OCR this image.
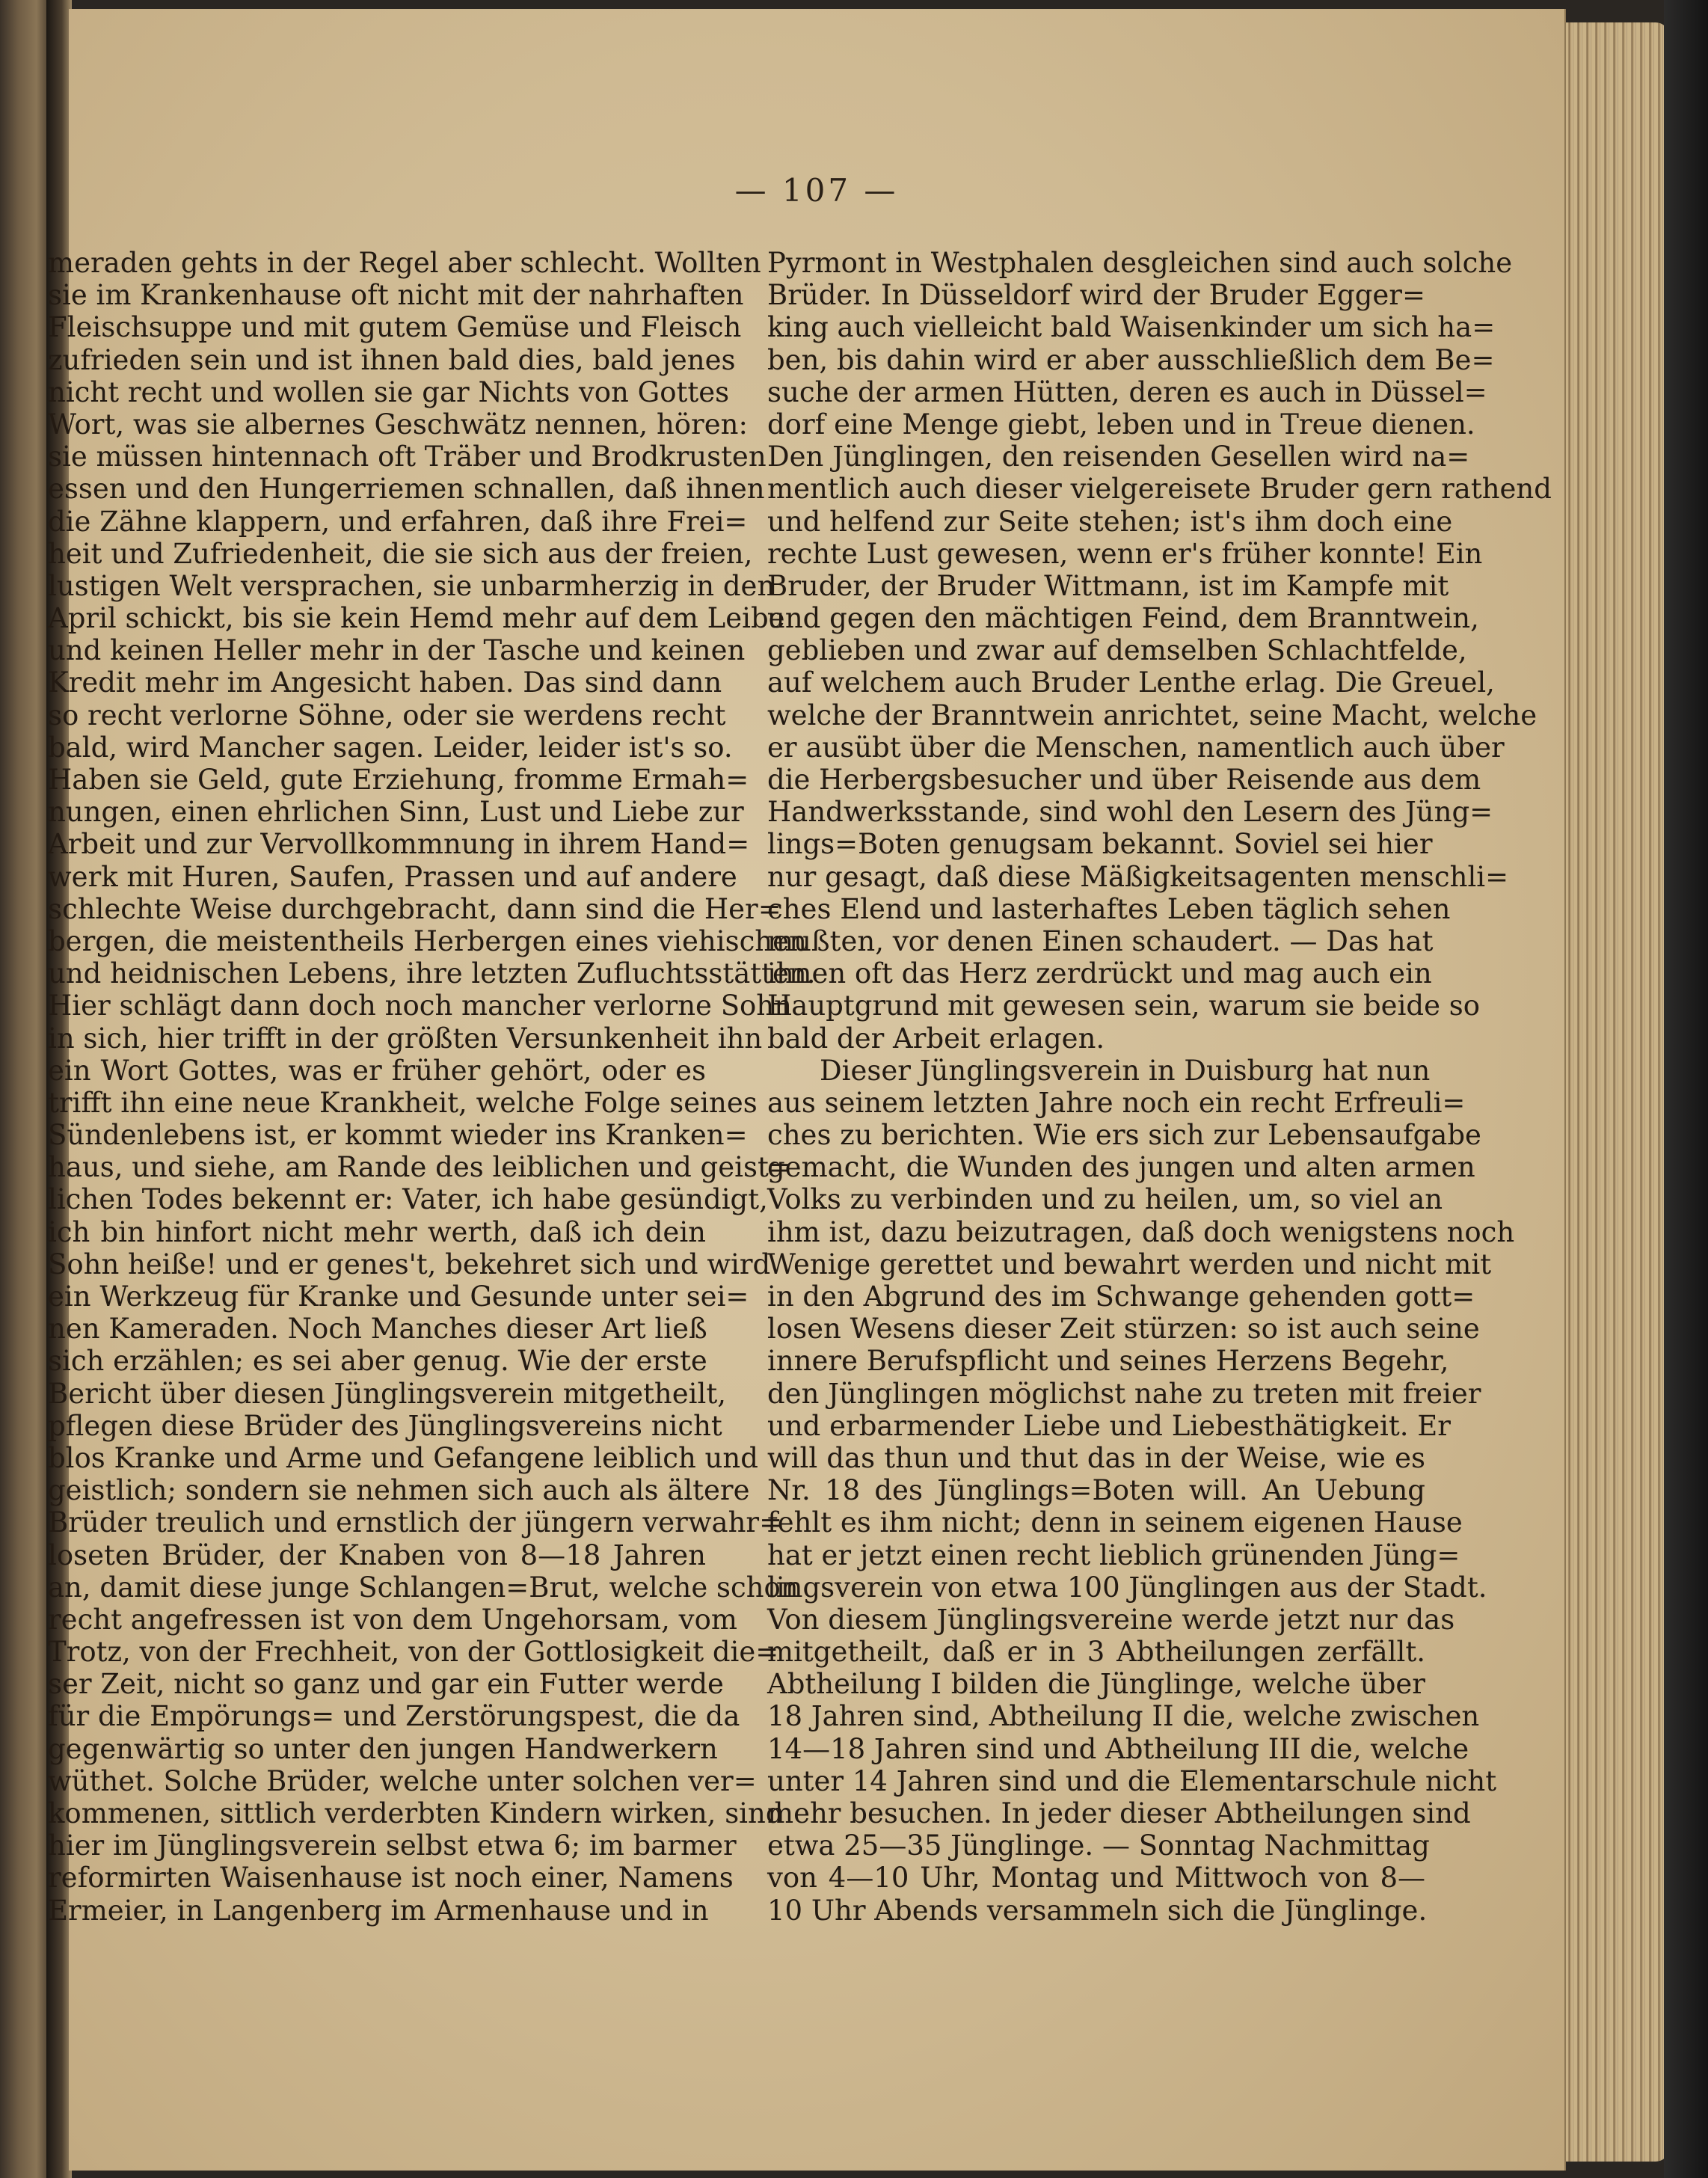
— 107 —
meraden gehts in der Regel aber schlecht. Wollten
sie im Krankenhause oft nicht mit der nahrhaften
Fleischsuppe und mit gutem Gemüse und Fleisch
zufrieden sein und ist ihnen bald dies, bald jenes
nicht recht und wollen sie gar Nichts von Gottes
Wort, was sie albernes Geschwätz nennen, hören:
sie müssen hintennach oft Träber und Brodkrusten
essen und den Hungerriemen schnallen, daß ihnen
die Zähne klappern, und erfahren, daß ihre Frei=
heit und Zufriedenheit, die sie sich aus der freien,
lustigen Welt versprachen, sie unbarmherzig in den
April schickt, bis sie kein Hemd mehr auf dem Leibe
und keinen Heller mehr in der Tasche und keinen
Kredit mehr im Angesicht haben. Das sind dann
so recht verlorne Söhne, oder sie werdens recht
bald, wird Mancher sagen. Leider, leider ist's so.
Haben sie Geld, gute Erziehung, fromme Ermah=
nungen, einen ehrlichen Sinn, Lust und Liebe zur
Arbeit und zur Vervollkommnung in ihrem Hand=
werk mit Huren, Saufen, Prassen und auf andere
schlechte Weise durchgebracht, dann sind die Her=
bergen, die meistentheils Herbergen eines viehischen
und heidnischen Lebens, ihre letzten Zufluchtsstätten.
Hier schlägt dann doch noch mancher verlorne Sohn
in sich, hier trifft in der größten Versunkenheit ihn
ein Wort Gottes, was er früher gehört, oder es
trifft ihn eine neue Krankheit, welche Folge seines
Sündenlebens ist, er kommt wieder ins Kranken=
haus, und siehe, am Rande des leiblichen und geist=
lichen Todes bekennt er: Vater, ich habe gesündigt,
ich bin hinfort nicht mehr werth, daß ich dein
Sohn heiße! und er genes't, bekehret sich und wird
ein Werkzeug für Kranke und Gesunde unter sei=
nen Kameraden. Noch Manches dieser Art ließ
sich erzählen; es sei aber genug. Wie der erste
Bericht über diesen Jünglingsverein mitgetheilt,
pflegen diese Brüder des Jünglingsvereins nicht
blos Kranke und Arme und Gefangene leiblich und
geistlich; sondern sie nehmen sich auch als ältere
Brüder treulich und ernstlich der jüngern verwahr=
loseten Brüder, der Knaben von 8—18 Jahren
an, damit diese junge Schlangen=Brut, welche schon
recht angefressen ist von dem Ungehorsam, vom
Trotz, von der Frechheit, von der Gottlosigkeit die=
ser Zeit, nicht so ganz und gar ein Futter werde
für die Empörungs= und Zerstörungspest, die da
gegenwärtig so unter den jungen Handwerkern
wüthet. Solche Brüder, welche unter solchen ver=
kommenen, sittlich verderbten Kindern wirken, sind
hier im Jünglingsverein selbst etwa 6; im barmer
reformirten Waisenhause ist noch einer, Namens
Ermeier, in Langenberg im Armenhause und in
Pyrmont in Westphalen desgleichen sind auch solche
Brüder. In Düsseldorf wird der Bruder Egger=
king auch vielleicht bald Waisenkinder um sich ha=
ben, bis dahin wird er aber ausschließlich dem Be=
suche der armen Hütten, deren es auch in Düssel=
dorf eine Menge giebt, leben und in Treue dienen.
Den Jünglingen, den reisenden Gesellen wird na=
mentlich auch dieser vielgereisete Bruder gern rathend
und helfend zur Seite stehen; ist's ihm doch eine
rechte Lust gewesen, wenn er's früher konnte! Ein
Bruder, der Bruder Wittmann, ist im Kampfe mit
und gegen den mächtigen Feind, dem Branntwein,
geblieben und zwar auf demselben Schlachtfelde,
auf welchem auch Bruder Lenthe erlag. Die Greuel,
welche der Branntwein anrichtet, seine Macht, welche
er ausübt über die Menschen, namentlich auch über
die Herbergsbesucher und über Reisende aus dem
Handwerksstande, sind wohl den Lesern des Jüng=
lings=Boten genugsam bekannt. Soviel sei hier
nur gesagt, daß diese Mäßigkeitsagenten menschli=
ches Elend und lasterhaftes Leben täglich sehen
mußten, vor denen Einen schaudert. — Das hat
ihnen oft das Herz zerdrückt und mag auch ein
Hauptgrund mit gewesen sein, warum sie beide so
bald der Arbeit erlagen.
Dieser Jünglingsverein in Duisburg hat nun
aus seinem letzten Jahre noch ein recht Erfreuli=
ches zu berichten. Wie ers sich zur Lebensaufgabe
gemacht, die Wunden des jungen und alten armen
Volks zu verbinden und zu heilen, um, so viel an
ihm ist, dazu beizutragen, daß doch wenigstens noch
Wenige gerettet und bewahrt werden und nicht mit
in den Abgrund des im Schwange gehenden gott=
losen Wesens dieser Zeit stürzen: so ist auch seine
innere Berufspflicht und seines Herzens Begehr,
den Jünglingen möglichst nahe zu treten mit freier
und erbarmender Liebe und Liebesthätigkeit. Er
will das thun und thut das in der Weise, wie es
Nr. 18 des Jünglings=Boten will. An Uebung
fehlt es ihm nicht; denn in seinem eigenen Hause
hat er jetzt einen recht lieblich grünenden Jüng=
lingsverein von etwa 100 Jünglingen aus der Stadt.
Von diesem Jünglingsvereine werde jetzt nur das
mitgetheilt, daß er in 3 Abtheilungen zerfällt.
Abtheilung I bilden die Jünglinge, welche über
18 Jahren sind, Abtheilung II die, welche zwischen
14—18 Jahren sind und Abtheilung III die, welche
unter 14 Jahren sind und die Elementarschule nicht
mehr besuchen. In jeder dieser Abtheilungen sind
etwa 25—35 Jünglinge. — Sonntag Nachmittag
von 4—10 Uhr, Montag und Mittwoch von 8—
10 Uhr Abends versammeln sich die Jünglinge.
